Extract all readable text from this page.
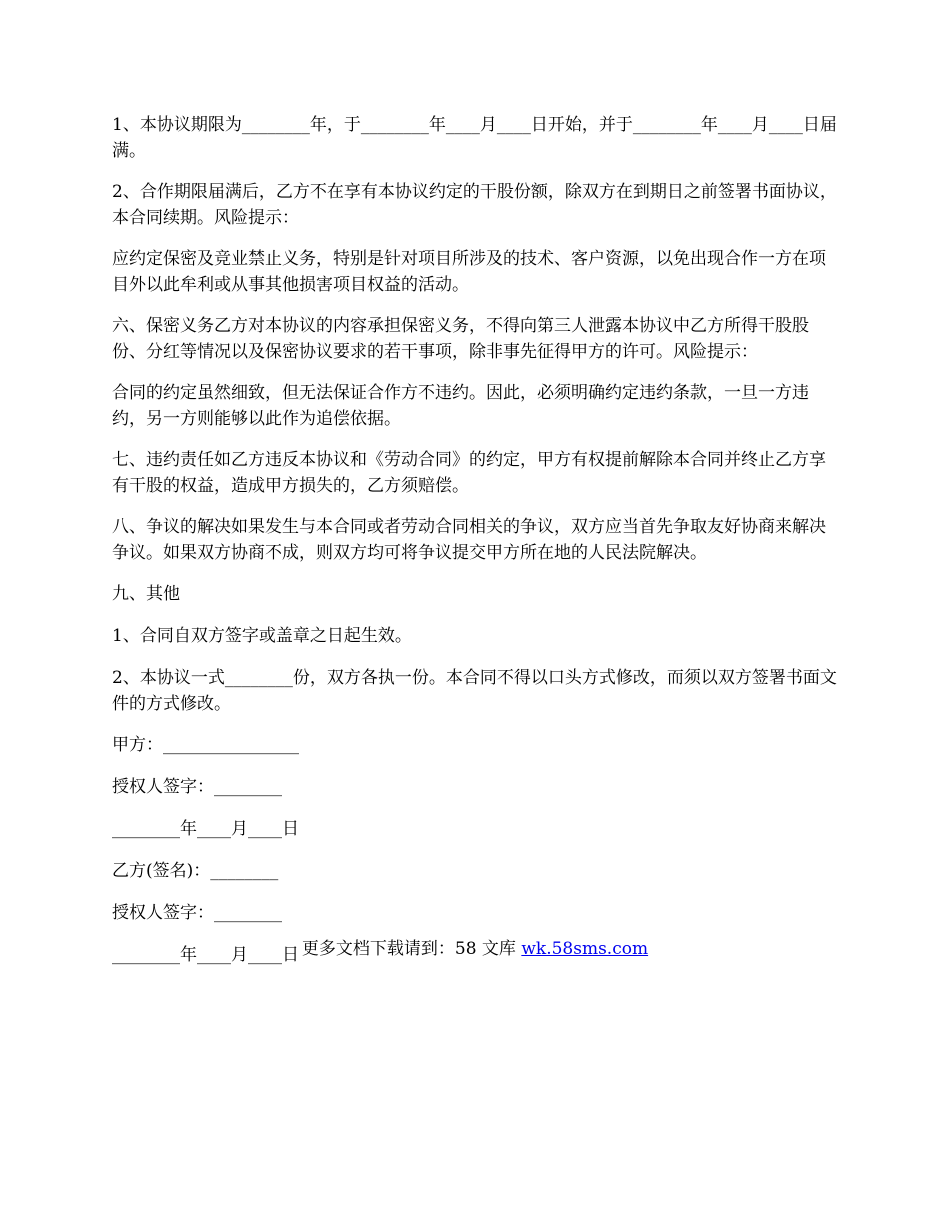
1、本协议期限为________年，于________年____月____日开始，并于________年____月____日届满。

2、合作期限届满后，乙方不在享有本协议约定的干股份额，除双方在到期日之前签署书面协议，本合同续期。风险提示：

应约定保密及竞业禁止义务，特别是针对项目所涉及的技术、客户资源，以免出现合作一方在项目外以此牟利或从事其他损害项目权益的活动。

六、保密义务乙方对本协议的内容承担保密义务，不得向第三人泄露本协议中乙方所得干股股份、分红等情况以及保密协议要求的若干事项，除非事先征得甲方的许可。风险提示：

合同的约定虽然细致，但无法保证合作方不违约。因此，必须明确约定违约条款，一旦一方违约，另一方则能够以此作为追偿依据。

七、违约责任如乙方违反本协议和《劳动合同》的约定，甲方有权提前解除本合同并终止乙方享有干股的权益，造成甲方损失的，乙方须赔偿。

八、争议的解决如果发生与本合同或者劳动合同相关的争议，双方应当首先争取友好协商来解决争议。如果双方协商不成，则双方均可将争议提交甲方所在地的人民法院解决。

九、其他

1、合同自双方签字或盖章之日起生效。

2、本协议一式________份，双方各执一份。本合同不得以口头方式修改，而须以双方签署书面文件的方式修改。

甲方：________________

授权人签字：________

________年____月____日

乙方(签名)：________

授权人签字：________

________年____月____日 更多文档下载请到：58 文库 wk.58sms.com
